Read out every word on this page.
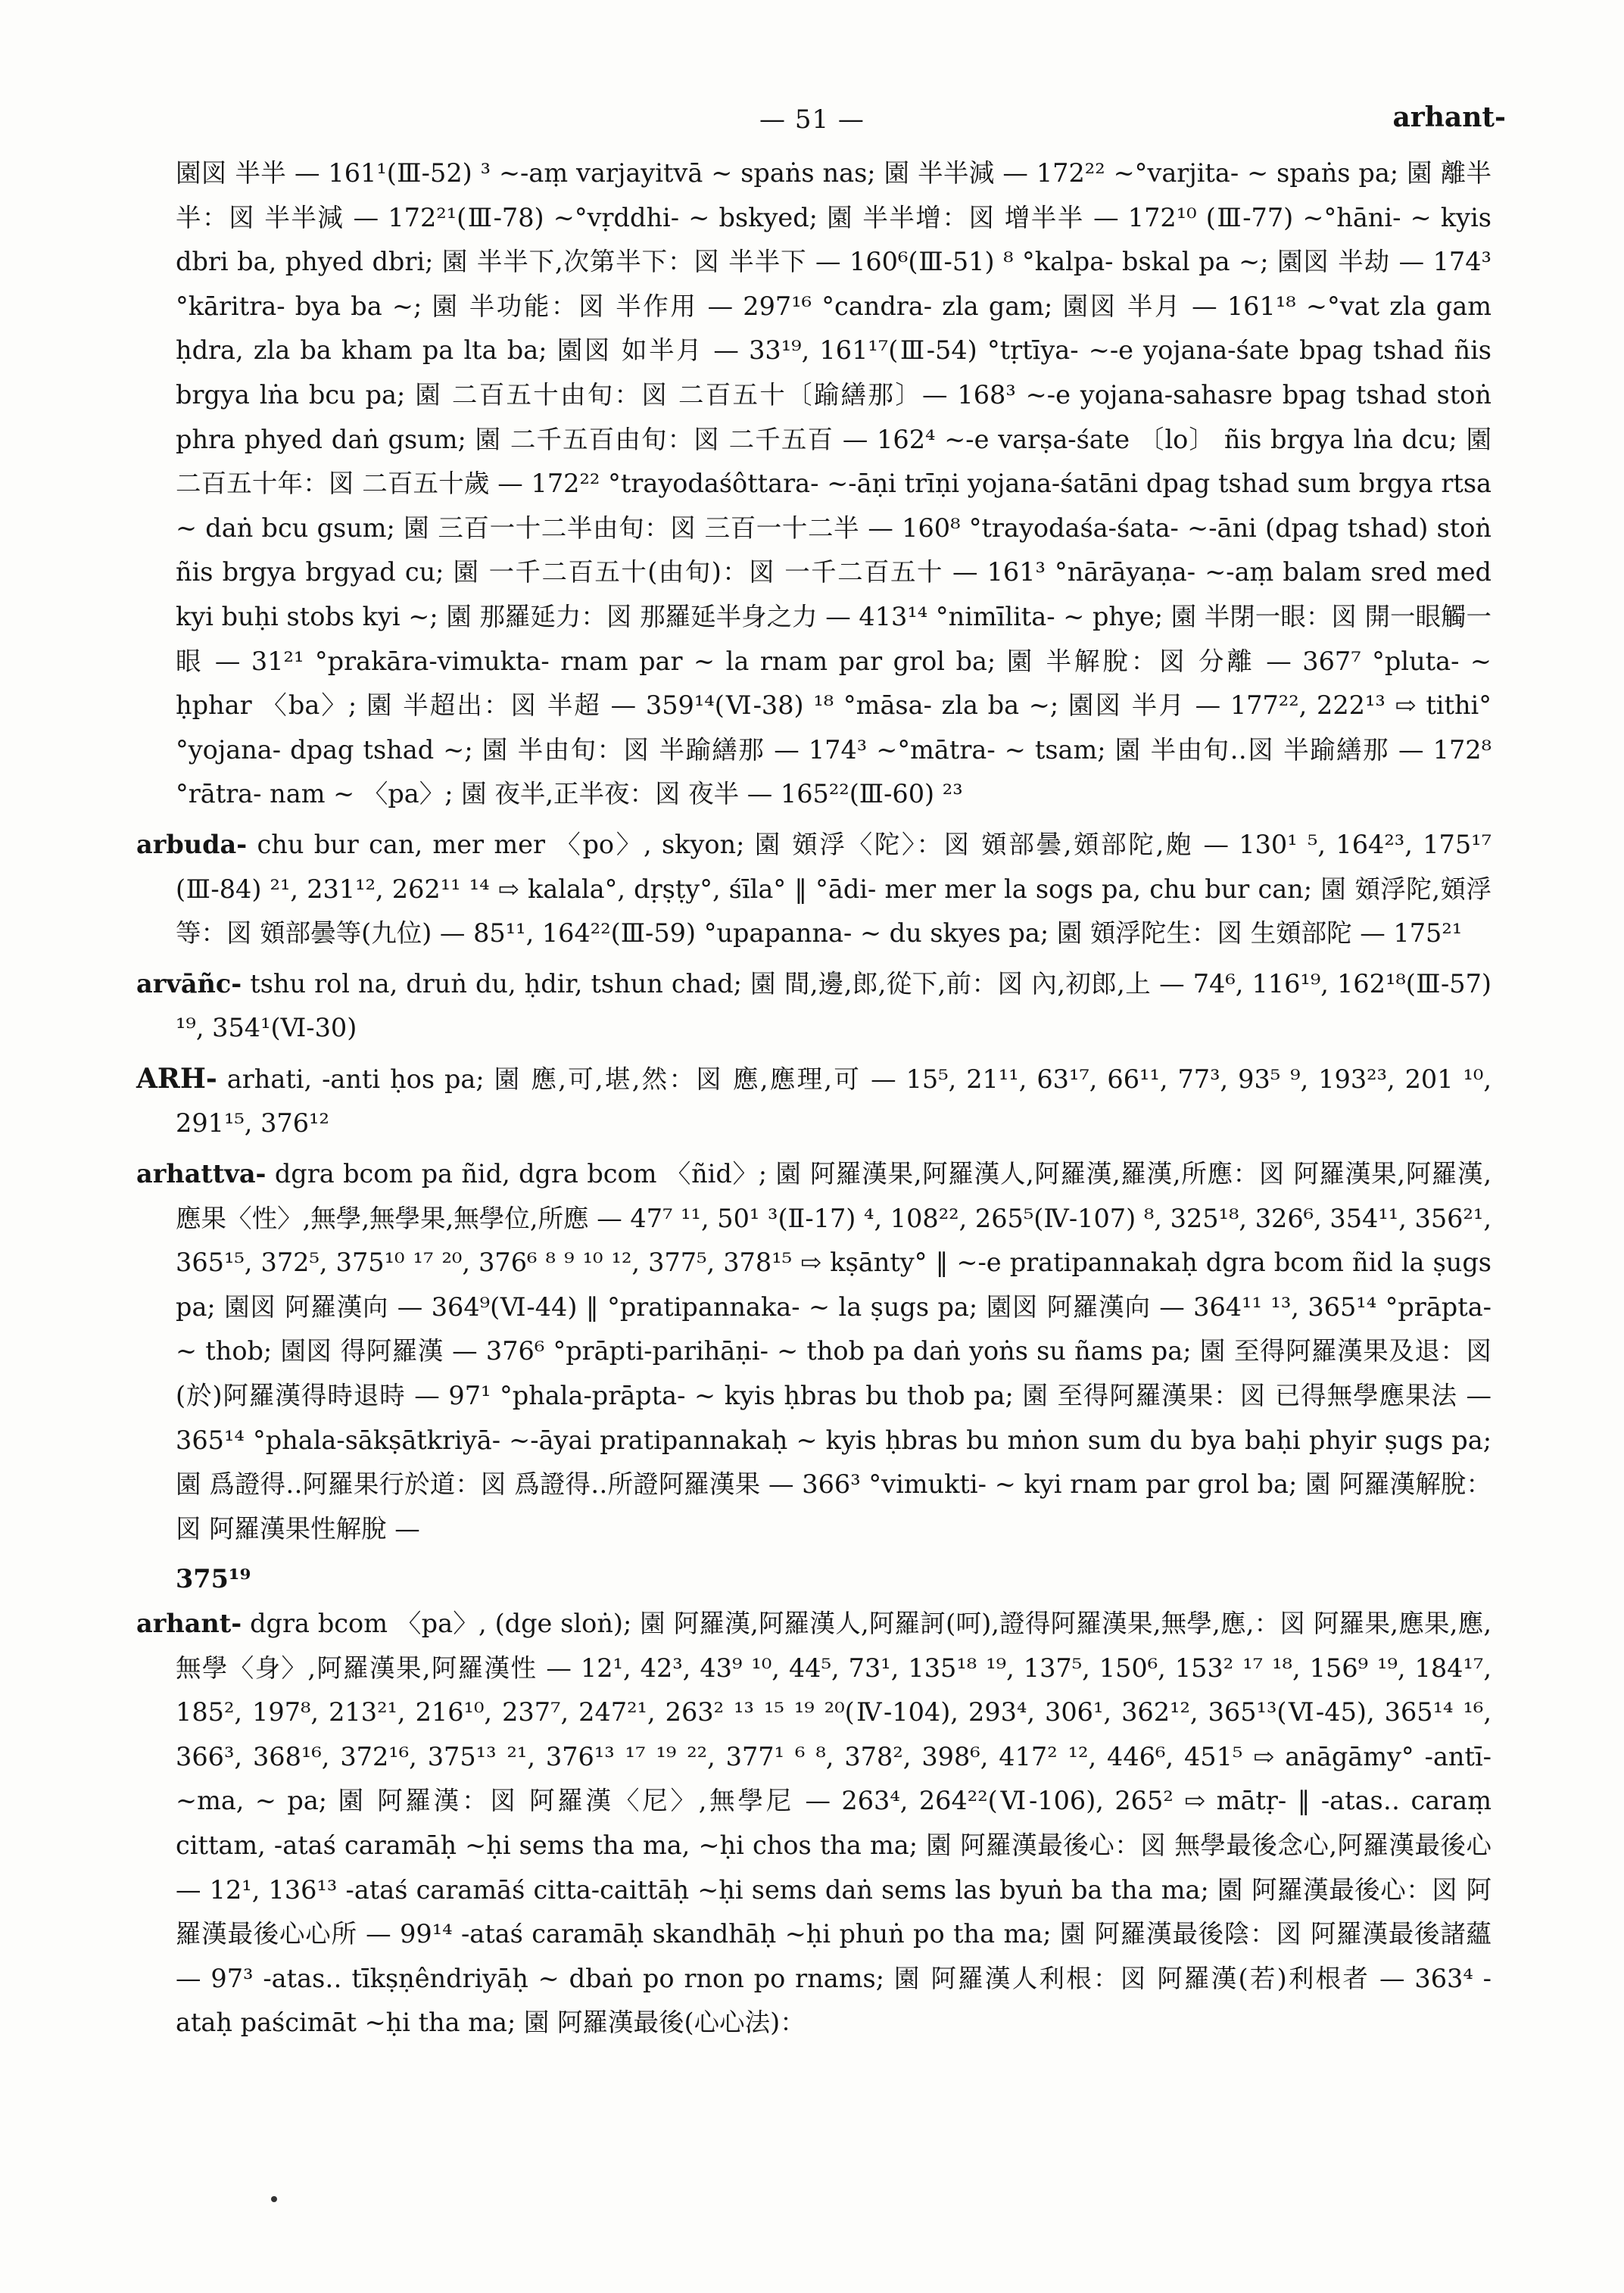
— 51 —	arhant-

園図 半半 — 161¹(Ⅲ-52) ³ ~-aṃ varjayitvā ~ spaṅs nas; 園 半半減 — 172²² ~°varjita- ~ spaṅs pa; 園 離半半：図 半半減 — 172²¹(Ⅲ-78) ~°vṛddhi- ~ bskyed; 園 半半增：図 增半半 — 172¹⁰ (Ⅲ-77) ~°hāni- ~ kyis dbri ba, phyed dbri; 園 半半下,次第半下：図 半半下 — 160⁶(Ⅲ-51) ⁸ °kalpa- bskal pa ~; 園図 半劫 — 174³ °kāritra- bya ba ~; 園 半功能：図 半作用 — 297¹⁶ °candra- zla gam; 園図 半月 — 161¹⁸ ~°vat zla gam ḥdra, zla ba kham pa lta ba; 園図 如半月 — 33¹⁹, 161¹⁷(Ⅲ-54) °tṛtīya- ~-e yojana-śate bpag tshad ñis brgya lṅa bcu pa; 園 二百五十由旬：図 二百五十〔踰繕那〕— 168³ ~-e yojana-sahasre bpag tshad stoṅ phra phyed daṅ gsum; 園 二千五百由旬：図 二千五百 — 162⁴ ~-e varṣa-śate 〔lo〕 ñis brgya lṅa dcu; 園 二百五十年：図 二百五十歲 — 172²² °trayodaśôttara- ~-āṇi trīṇi yojana-śatāni dpag tshad sum brgya rtsa ~ daṅ bcu gsum; 園 三百一十二半由旬：図 三百一十二半 — 160⁸ °trayodaśa-śata- ~-āni (dpag tshad) stoṅ ñis brgya brgyad cu; 園 一千二百五十(由旬)：図 一千二百五十 — 161³ °nārāyaṇa- ~-aṃ balam sred med kyi buḥi stobs kyi ~; 園 那羅延力：図 那羅延半身之力 — 413¹⁴ °nimīlita- ~ phye; 園 半閉一眼：図 開一眼觸一眼 — 31²¹ °prakāra-vimukta- rnam par ~ la rnam par grol ba; 園 半解脫：図 分離 — 367⁷ °pluta- ~ ḥphar 〈ba〉; 園 半超出：図 半超 — 359¹⁴(Ⅵ-38) ¹⁸ °māsa- zla ba ~; 園図 半月 — 177²², 222¹³ ⇨ tithi° °yojana- dpag tshad ~; 園 半由旬：図 半踰繕那 — 174³ ~°mātra- ~ tsam; 園 半由旬‥図 半踰繕那 — 172⁸ °rātra- nam ~ 〈pa〉; 園 夜半,正半夜：図 夜半 — 165²²(Ⅲ-60) ²³

arbuda- chu bur can, mer mer 〈po〉, skyon; 園 頞浮〈陀〉：図 頞部曇,頞部陀,皰 — 130¹ ⁵, 164²³, 175¹⁷ (Ⅲ-84) ²¹, 231¹², 262¹¹ ¹⁴ ⇨ kalala°, dṛṣṭy°, śīla° ‖ °ādi- mer mer la sogs pa, chu bur can; 園 頞浮陀,頞浮等：図 頞部曇等(九位) — 85¹¹, 164²²(Ⅲ-59) °upapanna- ~ du skyes pa; 園 頞浮陀生：図 生頞部陀 — 175²¹

arvāñc- tshu rol na, druṅ du, ḥdir, tshun chad; 園 間,邊,郎,從下,前：図 內,初郎,上 — 74⁶, 116¹⁹, 162¹⁸(Ⅲ-57) ¹⁹, 354¹(Ⅵ-30)

ARH- arhati, -anti ḥos pa; 園 應,可,堪,然：図 應,應理,可 — 15⁵, 21¹¹, 63¹⁷, 66¹¹, 77³, 93⁵ ⁹, 193²³, 201 ¹⁰, 291¹⁵, 376¹²

arhattva- dgra bcom pa ñid, dgra bcom 〈ñid〉; 園 阿羅漢果,阿羅漢人,阿羅漢,羅漢,所應：図 阿羅漢果,阿羅漢,應果〈性〉,無學,無學果,無學位,所應 — 47⁷ ¹¹, 50¹ ³(Ⅱ-17) ⁴, 108²², 265⁵(Ⅳ-107) ⁸, 325¹⁸, 326⁶, 354¹¹, 356²¹, 365¹⁵, 372⁵, 375¹⁰ ¹⁷ ²⁰, 376⁶ ⁸ ⁹ ¹⁰ ¹², 377⁵, 378¹⁵ ⇨ kṣānty° ‖ ~-e pratipannakaḥ dgra bcom ñid la ṣugs pa; 園図 阿羅漢向 — 364⁹(Ⅵ-44) ‖ °pratipannaka- ~ la ṣugs pa; 園図 阿羅漢向 — 364¹¹ ¹³, 365¹⁴ °prāpta- ~ thob; 園図 得阿羅漢 — 376⁶ °prāpti-parihāṇi- ~ thob pa daṅ yoṅs su ñams pa; 園 至得阿羅漢果及退：図 (於)阿羅漢得時退時 — 97¹ °phala-prāpta- ~ kyis ḥbras bu thob pa; 園 至得阿羅漢果：図 已得無學應果法 — 365¹⁴ °phala-sākṣātkriyā- ~-āyai pratipannakaḥ ~ kyis ḥbras bu mṅon sum du bya baḥi phyir ṣugs pa; 園 爲證得‥阿羅果行於道：図 爲證得‥所證阿羅漢果 — 366³ °vimukti- ~ kyi rnam par grol ba; 園 阿羅漢解脫：図 阿羅漢果性解脫 —

375¹⁹

arhant- dgra bcom 〈pa〉, (dge sloṅ); 園 阿羅漢,阿羅漢人,阿羅訶(呵),證得阿羅漢果,無學,應,：図 阿羅果,應果,應,無學〈身〉,阿羅漢果,阿羅漢性 — 12¹, 42³, 43⁹ ¹⁰, 44⁵, 73¹, 135¹⁸ ¹⁹, 137⁵, 150⁶, 153² ¹⁷ ¹⁸, 156⁹ ¹⁹, 184¹⁷, 185², 197⁸, 213²¹, 216¹⁰, 237⁷, 247²¹, 263² ¹³ ¹⁵ ¹⁹ ²⁰(Ⅳ-104), 293⁴, 306¹, 362¹², 365¹³(Ⅵ-45), 365¹⁴ ¹⁶, 366³, 368¹⁶, 372¹⁶, 375¹³ ²¹, 376¹³ ¹⁷ ¹⁹ ²², 377¹ ⁶ ⁸, 378², 398⁶, 417² ¹², 446⁶, 451⁵ ⇨ anāgāmy° -antī- ~ma, ~ pa; 園 阿羅漢：図 阿羅漢〈尼〉,無學尼 — 263⁴, 264²²(Ⅵ-106), 265² ⇨ mātṛ- ‖ -atas‥ caraṃ cittam, -ataś caramāḥ ~ḥi sems tha ma, ~ḥi chos tha ma; 園 阿羅漢最後心：図 無學最後念心,阿羅漢最後心 — 12¹, 136¹³ -ataś caramāś citta-caittāḥ ~ḥi sems daṅ sems las byuṅ ba tha ma; 園 阿羅漢最後心：図 阿羅漢最後心心所 — 99¹⁴ -ataś caramāḥ skandhāḥ ~ḥi phuṅ po tha ma; 園 阿羅漢最後陰：図 阿羅漢最後諸蘊 — 97³ -atas‥ tīkṣṇêndriyāḥ ~ dbaṅ po rnon po rnams; 園 阿羅漢人利根：図 阿羅漢(若)利根者 — 363⁴ -ataḥ paścimāt ~ḥi tha ma; 園 阿羅漢最後(心心法)：
